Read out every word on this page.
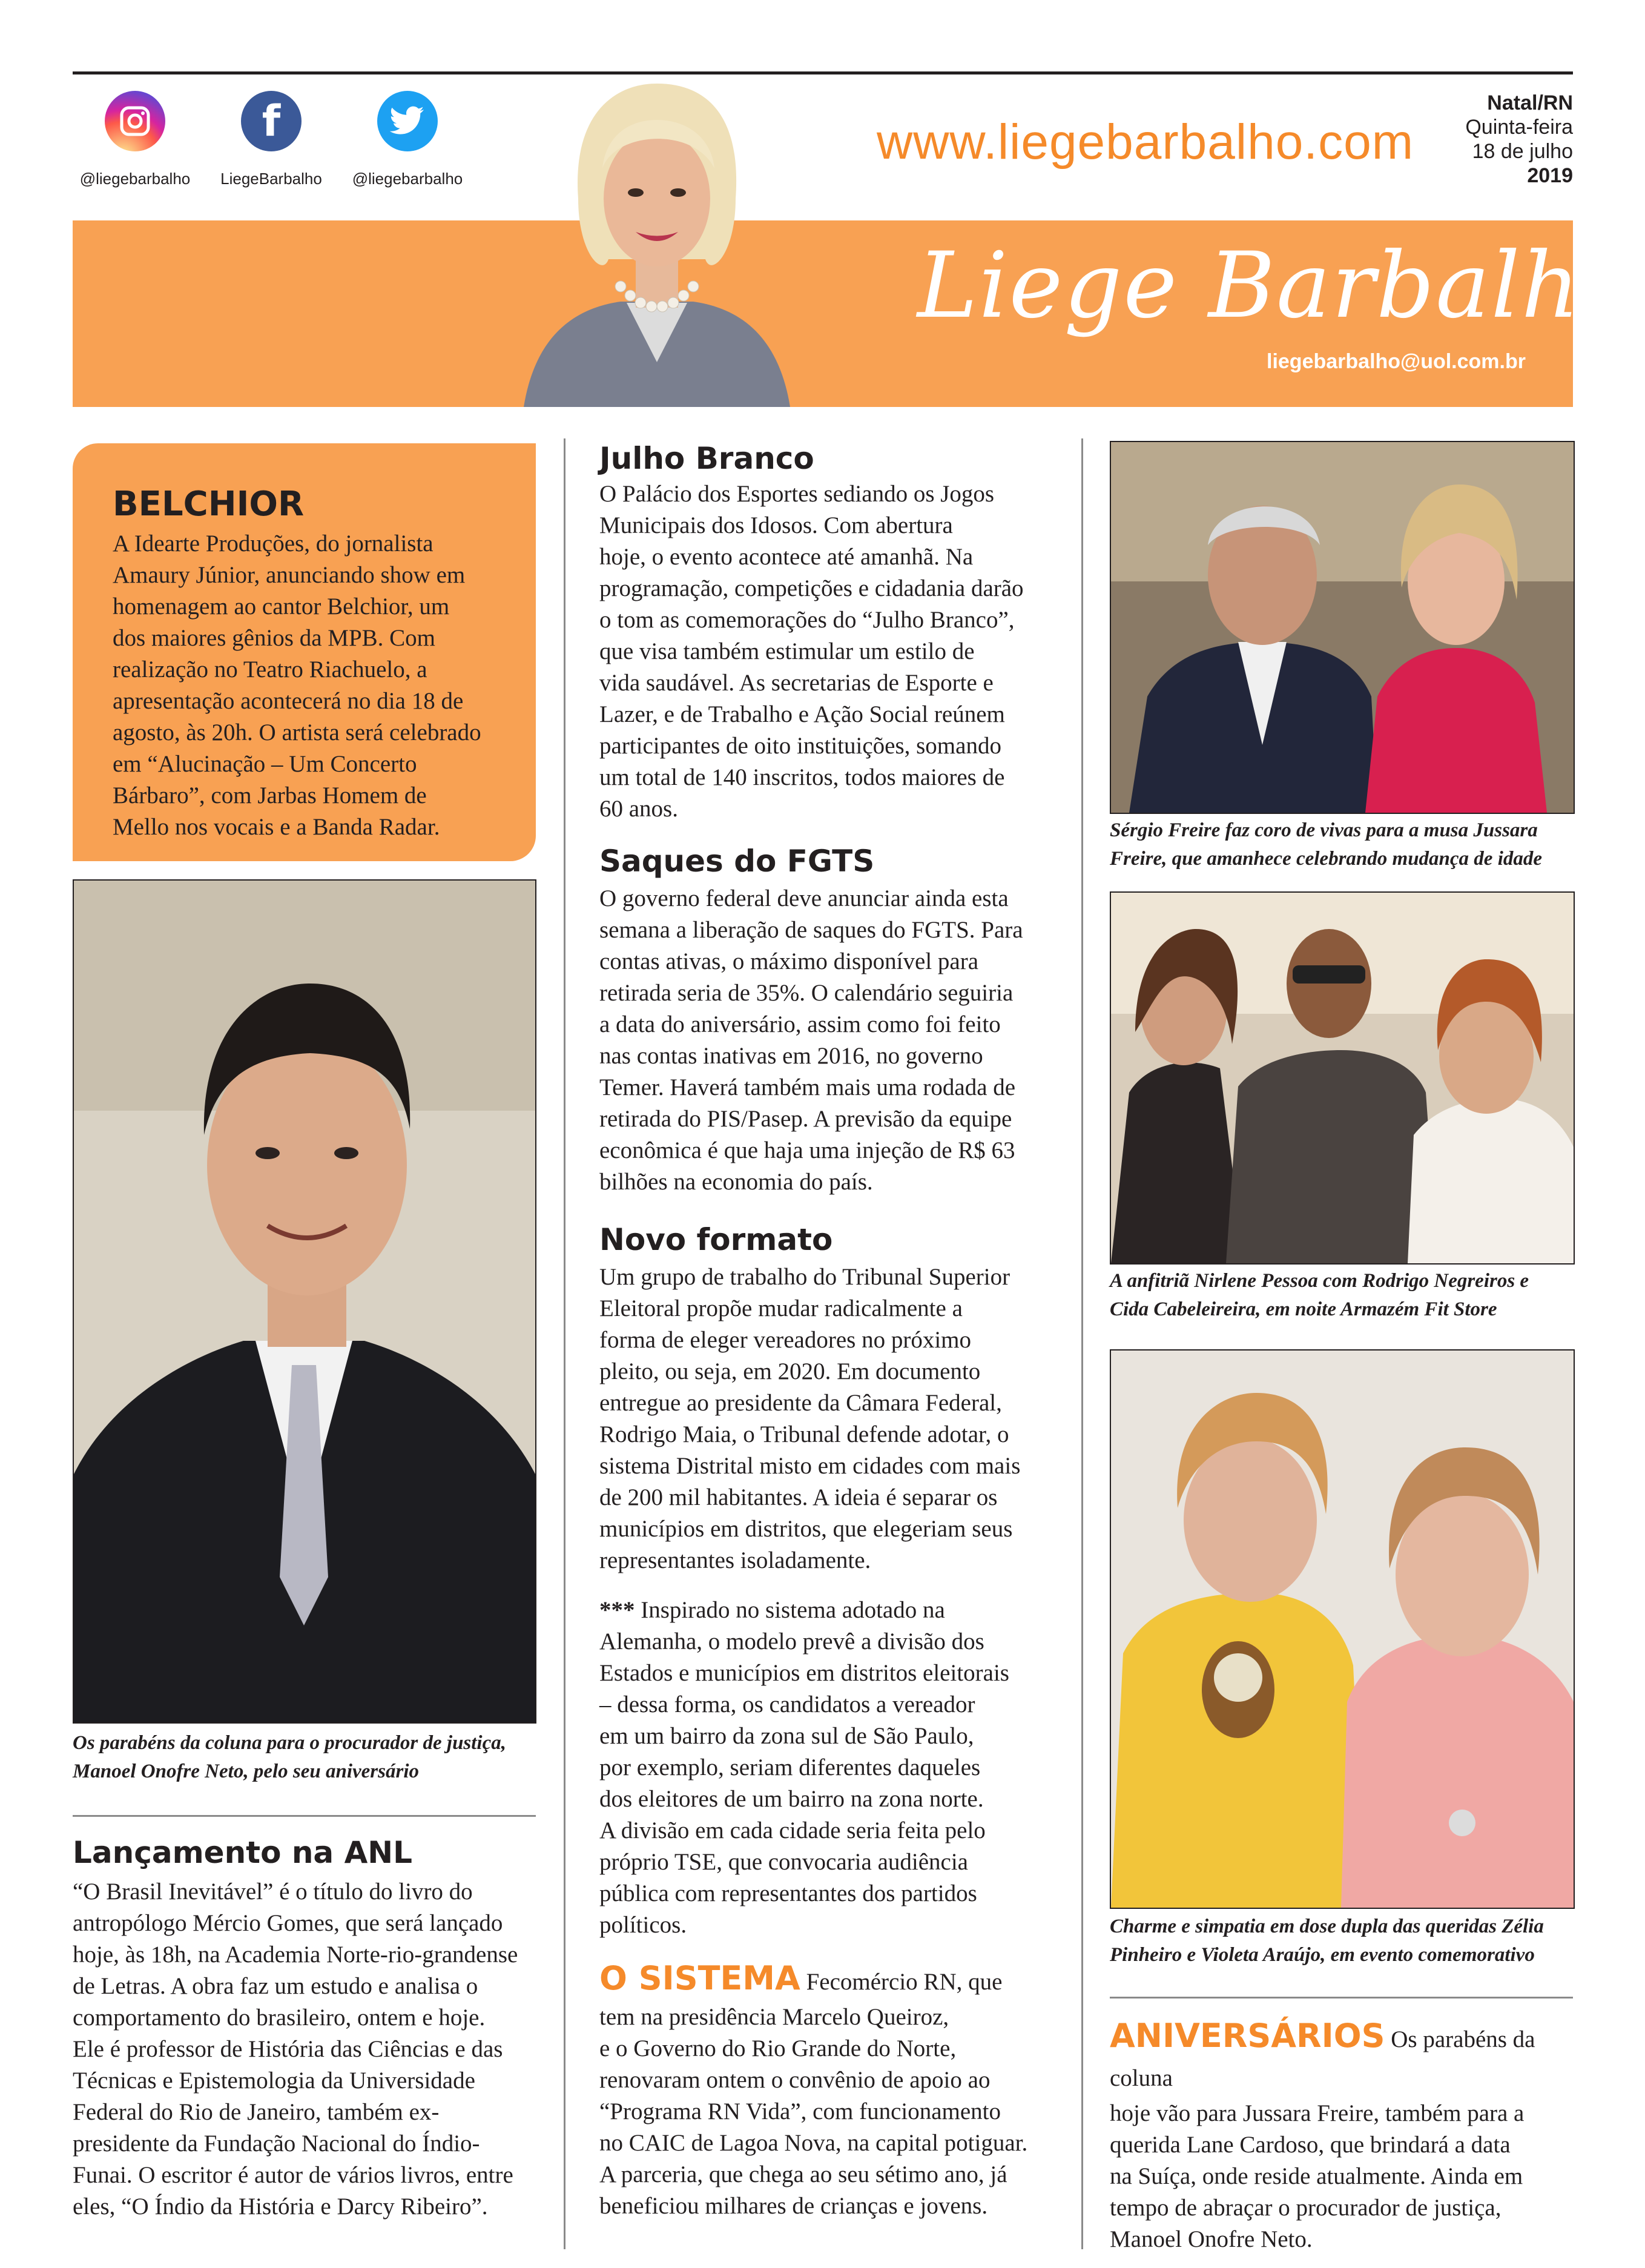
@liegebarbalho
f
LiegeBarbalho	@liegebarbalho
www.liegebarbalho.com
Natal/RN
Quinta-feira
18 de julho
2019
Liege Barbalho
liegebarbalho@uol.com.br
BELCHIOR
A Idearte Produções, do jornalista
Amaury Júnior, anunciando show em
homenagem ao cantor Belchior, um
dos maiores gênios da MPB. Com
realização no Teatro Riachuelo, a
apresentação acontecerá no dia 18 de
agosto, às 20h. O artista será celebrado
em “Alucinação – Um Concerto
Bárbaro”, com Jarbas Homem de
Mello nos vocais e a Banda Radar.
Os parabéns da coluna para o procurador de justiça,
Manoel Onofre Neto, pelo seu aniversário
Lançamento na ANL
“O Brasil Inevitável” é o título do livro do
antropólogo Mércio Gomes, que será lançado
hoje, às 18h, na Academia Norte-rio-grandense
de Letras. A obra faz um estudo e analisa o
comportamento do brasileiro, ontem e hoje.
Ele é professor de História das Ciências e das
Técnicas e Epistemologia da Universidade
Federal do Rio de Janeiro, também ex-
presidente da Fundação Nacional do Índio-
Funai. O escritor é autor de vários livros, entre
eles, “O Índio da História e Darcy Ribeiro”.
Julho Branco
O Palácio dos Esportes sediando os Jogos
Municipais dos Idosos. Com abertura
hoje, o evento acontece até amanhã. Na
programação, competições e cidadania darão
o tom as comemorações do “Julho Branco”,
que visa também estimular um estilo de
vida saudável. As secretarias de Esporte e
Lazer, e de Trabalho e Ação Social reúnem
participantes de oito instituições, somando
um total de 140 inscritos, todos maiores de
60 anos.
Saques do FGTS
O governo federal deve anunciar ainda esta
semana a liberação de saques do FGTS. Para
contas ativas, o máximo disponível para
retirada seria de 35%. O calendário seguiria
a data do aniversário, assim como foi feito
nas contas inativas em 2016, no governo
Temer. Haverá também mais uma rodada de
retirada do PIS/Pasep. A previsão da equipe
econômica é que haja uma injeção de R$ 63
bilhões na economia do país.
Novo formato
Um grupo de trabalho do Tribunal Superior
Eleitoral propõe mudar radicalmente a
forma de eleger vereadores no próximo
pleito, ou seja, em 2020. Em documento
entregue ao presidente da Câmara Federal,
Rodrigo Maia, o Tribunal defende adotar, o
sistema Distrital misto em cidades com mais
de 200 mil habitantes. A ideia é separar os
municípios em distritos, que elegeriam seus
representantes isoladamente.
*** Inspirado no sistema adotado na
Alemanha, o modelo prevê a divisão dos
Estados e municípios em distritos eleitorais
– dessa forma, os candidatos a vereador
em um bairro da zona sul de São Paulo,
por exemplo, seriam diferentes daqueles
dos eleitores de um bairro na zona norte.
A divisão em cada cidade seria feita pelo
próprio TSE, que convocaria audiência
pública com representantes dos partidos
políticos.
O SISTEMA Fecomércio RN, que
tem na presidência Marcelo Queiroz,
e o Governo do Rio Grande do Norte,
renovaram ontem o convênio de apoio ao
“Programa RN Vida”, com funcionamento
no CAIC de Lagoa Nova, na capital potiguar.
A parceria, que chega ao seu sétimo ano, já
beneficiou milhares de crianças e jovens.
Sérgio Freire faz coro de vivas para a musa Jussara
Freire, que amanhece celebrando mudança de idade
A anfitriã Nirlene Pessoa com Rodrigo Negreiros e
Cida Cabeleireira, em noite Armazém Fit Store
Charme e simpatia em dose dupla das queridas Zélia
Pinheiro e Violeta Araújo, em evento comemorativo
ANIVERSÁRIOS Os parabéns da coluna
hoje vão para Jussara Freire, também para a
querida Lane Cardoso, que brindará a data
na Suíça, onde reside atualmente. Ainda em
tempo de abraçar o procurador de justiça,
Manoel Onofre Neto.
